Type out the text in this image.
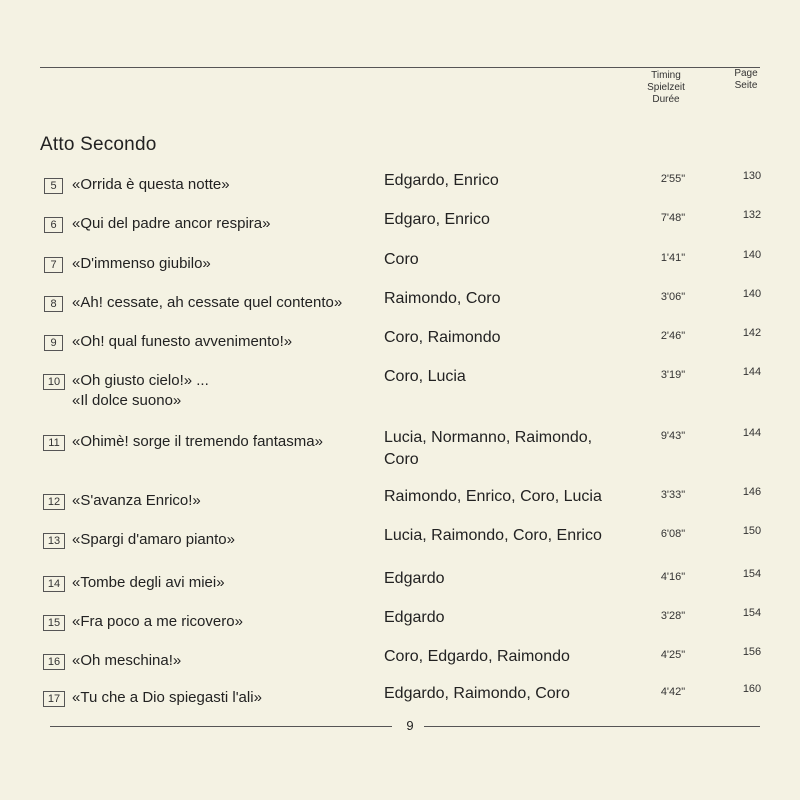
Timing
Spielzeit
Durée
Page
Seite
Atto Secondo
5	«Orrida è questa notte»	Edgardo, Enrico	2'55"	130
6	«Qui del padre ancor respira»	Edgaro, Enrico	7'48"	132
7	«D'immenso giubilo»	Coro	1'41"	140
8	«Ah! cessate, ah cessate quel contento»	Raimondo, Coro	3'06"	140
9	«Oh! qual funesto avvenimento!»	Coro, Raimondo	2'46"	142
10 «Oh giusto cielo!» ...
«Il dolce suono»
Coro, Lucia	3'19"	144
11 «Ohimè! sorge il tremendo fantasma»	Lucia, Normanno, Raimondo,
Coro
9'43"	144
12 «S'avanza Enrico!»	Raimondo, Enrico, Coro, Lucia	3'33"	146
13 «Spargi d'amaro pianto»	Lucia, Raimondo, Coro, Enrico	6'08"	150
14 «Tombe degli avi miei»	Edgardo	4'16"	154
15 «Fra poco a me ricovero»	Edgardo	3'28"	154
16 «Oh meschina!»	Coro, Edgardo, Raimondo	4'25"	156
17 «Tu che a Dio spiegasti l'ali»	Edgardo, Raimondo, Coro	4'42"	160
9
